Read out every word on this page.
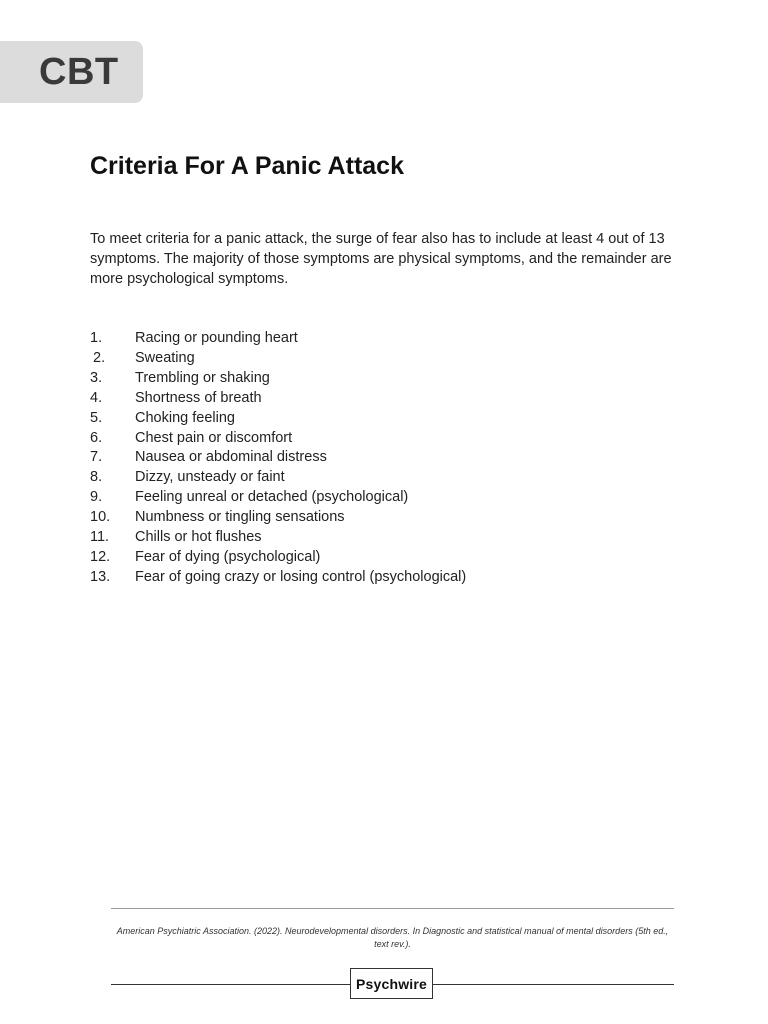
CBT
Criteria For A Panic Attack

To meet criteria for a panic attack, the surge of fear also has to include at least 4 out of 13 symptoms. The majority of those symptoms are physical symptoms, and the remainder are more psychological symptoms.

1.	Racing or pounding heart
2.	Sweating
3.	Trembling or shaking
4.	Shortness of breath
5.	Choking feeling
6.	Chest pain or discomfort
7.	Nausea or abdominal distress
8.	Dizzy, unsteady or faint
9.	Feeling unreal or detached (psychological)
10.	Numbness or tingling sensations
11.	Chills or hot flushes
12.	Fear of dying (psychological)
13.	Fear of going crazy or losing control (psychological)

American Psychiatric Association. (2022). Neurodevelopmental disorders. In Diagnostic and statistical manual of mental disorders (5th ed., text rev.).

Psychwire
